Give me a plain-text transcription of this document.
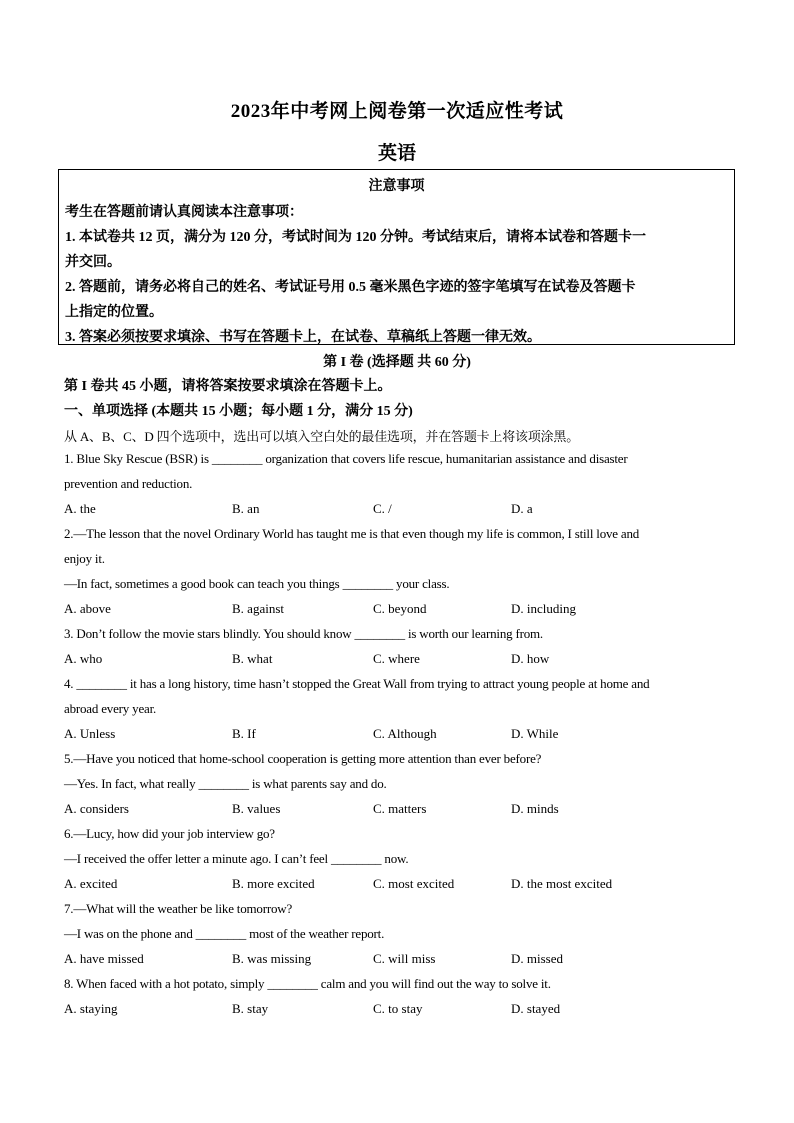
2023年中考网上阅卷第一次适应性考试
英语
注意事项
考生在答题前请认真阅读本注意事项：
1. 本试卷共 12 页，满分为 120 分，考试时间为 120 分钟。考试结束后，请将本试卷和答题卡一
并交回。
2. 答题前，请务必将自己的姓名、考试证号用 0.5 毫米黑色字迹的签字笔填写在试卷及答题卡
上指定的位置。
3. 答案必须按要求填涂、书写在答题卡上，在试卷、草稿纸上答题一律无效。
第 I 卷 (选择题 共 60 分)
第 I 卷共 45 小题，请将答案按要求填涂在答题卡上。
一、单项选择 (本题共 15 小题；每小题 1 分，满分 15 分)
从 A、B、C、D 四个选项中，选出可以填入空白处的最佳选项，并在答题卡上将该项涂黑。
1. Blue Sky Rescue (BSR) is ________ organization that covers life rescue, humanitarian assistance and disaster
prevention and reduction.
A. the	B. an	C. /	D. a
2.—The lesson that the novel Ordinary World has taught me is that even though my life is common, I still love and
enjoy it.
—In fact, sometimes a good book can teach you things ________ your class.
A. above	B. against	C. beyond	D. including
3. Don’t follow the movie stars blindly. You should know ________ is worth our learning from.
A. who	B. what	C. where	D. how
4. ________ it has a long history, time hasn’t stopped the Great Wall from trying to attract young people at home and
abroad every year.
A. Unless	B. If	C. Although	D. While
5.—Have you noticed that home-school cooperation is getting more attention than ever before?
—Yes. In fact, what really ________ is what parents say and do.
A. considers	B. values	C. matters	D. minds
6.—Lucy, how did your job interview go?
—I received the offer letter a minute ago. I can’t feel ________ now.
A. excited	B. more excited	C. most excited	D. the most excited
7.—What will the weather be like tomorrow?
—I was on the phone and ________ most of the weather report.
A. have missed	B. was missing	C. will miss	D. missed
8. When faced with a hot potato, simply ________ calm and you will find out the way to solve it.
A. staying	B. stay	C. to stay	D. stayed
